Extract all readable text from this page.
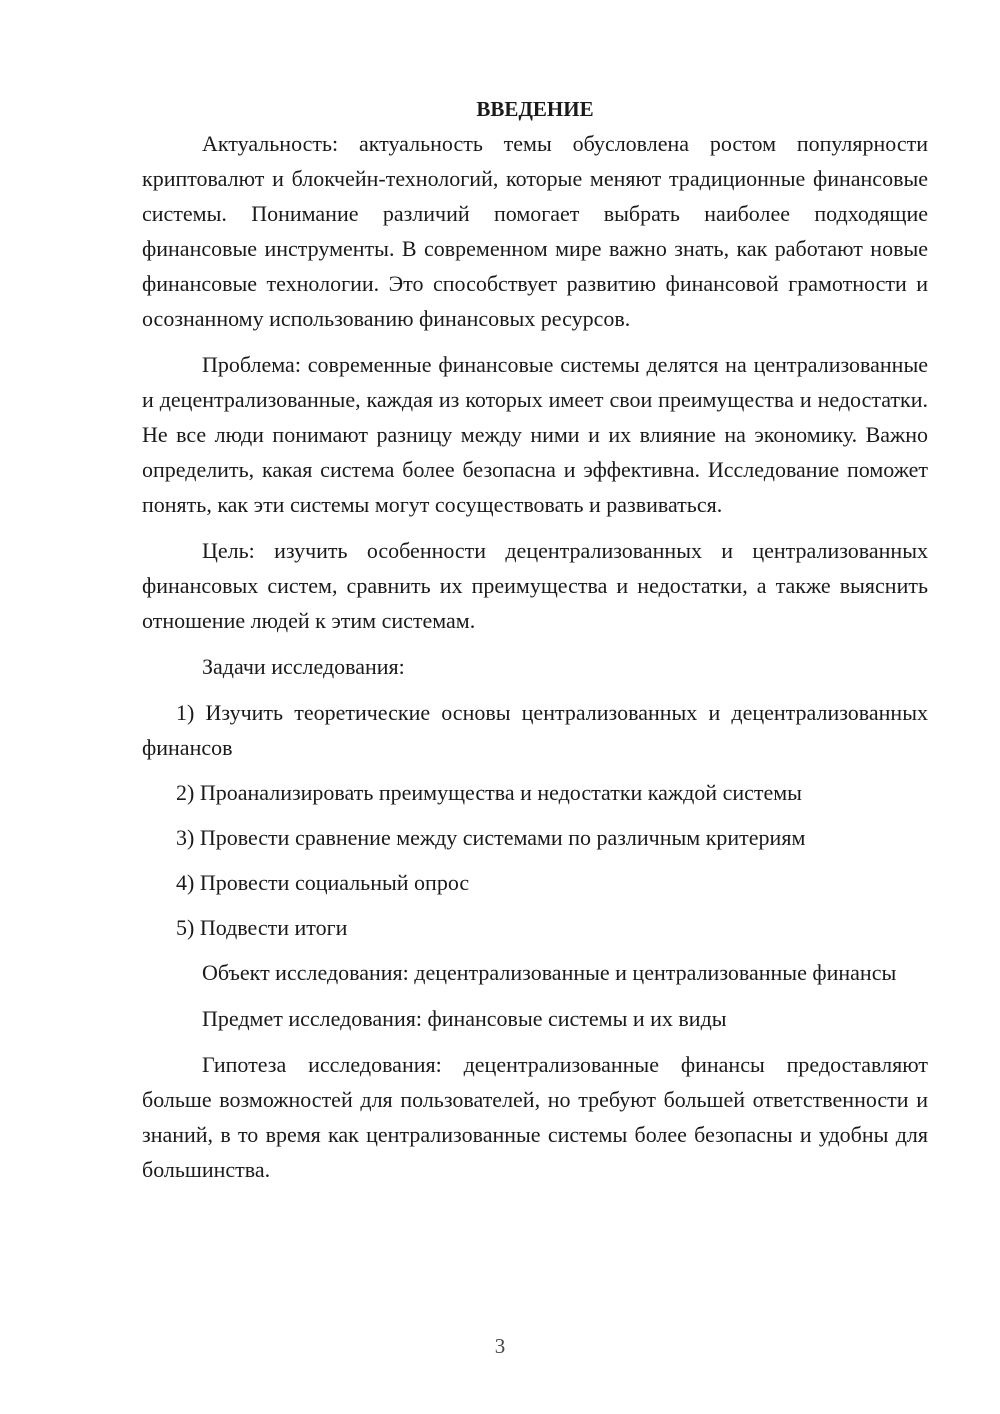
ВВЕДЕНИЕ

Актуальность: актуальность темы обусловлена ростом популярности криптовалют и блокчейн-технологий, которые меняют традиционные финансовые системы. Понимание различий помогает выбрать наиболее подходящие финансовые инструменты. В современном мире важно знать, как работают новые финансовые технологии. Это способствует развитию финансовой грамотности и осознанному использованию финансовых ресурсов.

Проблема: современные финансовые системы делятся на централизованные и децентрализованные, каждая из которых имеет свои преимущества и недостатки. Не все люди понимают разницу между ними и их влияние на экономику. Важно определить, какая система более безопасна и эффективна. Исследование поможет понять, как эти системы могут сосуществовать и развиваться.

Цель: изучить особенности децентрализованных и централизованных финансовых систем, сравнить их преимущества и недостатки, а также выяснить отношение людей к этим системам.

Задачи исследования:

1) Изучить теоретические основы централизованных и децентрализованных финансов

2) Проанализировать преимущества и недостатки каждой системы

3) Провести сравнение между системами по различным критериям

4) Провести социальный опрос

5) Подвести итоги

Объект исследования: децентрализованные и централизованные финансы

Предмет исследования: финансовые системы и их виды

Гипотеза исследования: децентрализованные финансы предоставляют больше возможностей для пользователей, но требуют большей ответственности и знаний, в то время как централизованные системы более безопасны и удобны для большинства.

3
